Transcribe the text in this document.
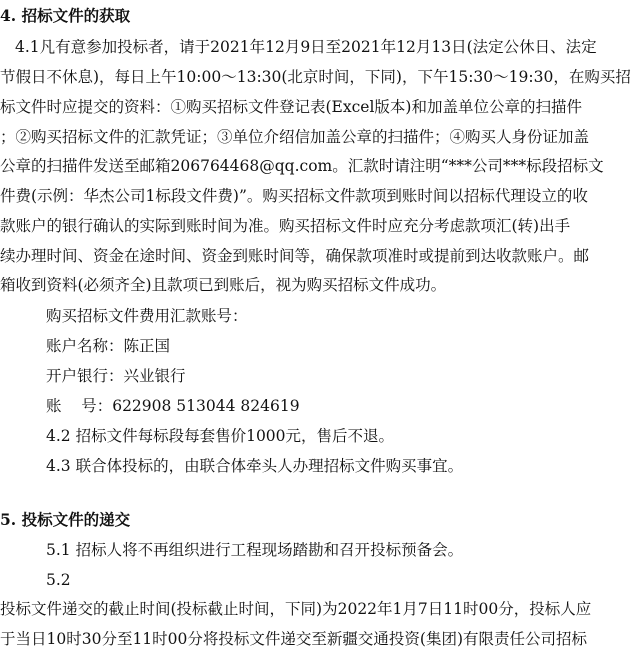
4. 招标文件的获取
4.1凡有意参加投标者，请于2021年12月9日至2021年12月13日(法定公休日、法定
节假日不休息)，每日上午10:00～13:30(北京时间，下同)，下午15:30～19:30，在购买招
标文件时应提交的资料：①购买招标文件登记表(Excel版本)和加盖单位公章的扫描件
；②购买招标文件的汇款凭证；③单位介绍信加盖公章的扫描件；④购买人身份证加盖
公章的扫描件发送至邮箱206764468@qq.com。汇款时请注明“***公司***标段招标文
件费(示例：华杰公司1标段文件费)”。购买招标文件款项到账时间以招标代理设立的收
款账户的银行确认的实际到账时间为准。购买招标文件时应充分考虑款项汇(转)出手
续办理时间、资金在途时间、资金到账时间等，确保款项准时或提前到达收款账户。邮
箱收到资料(必须齐全)且款项已到账后，视为购买招标文件成功。
购买招标文件费用汇款账号：
账户名称：陈正国
开户银行：兴业银行
账    号：622908 513044 824619
4.2 招标文件每标段每套售价1000元，售后不退。
4.3 联合体投标的，由联合体牵头人办理招标文件购买事宜。
5. 投标文件的递交
5.1 招标人将不再组织进行工程现场踏勘和召开投标预备会。
5.2
投标文件递交的截止时间(投标截止时间，下同)为2022年1月7日11时00分，投标人应
于当日10时30分至11时00分将投标文件递交至新疆交通投资(集团)有限责任公司招标
